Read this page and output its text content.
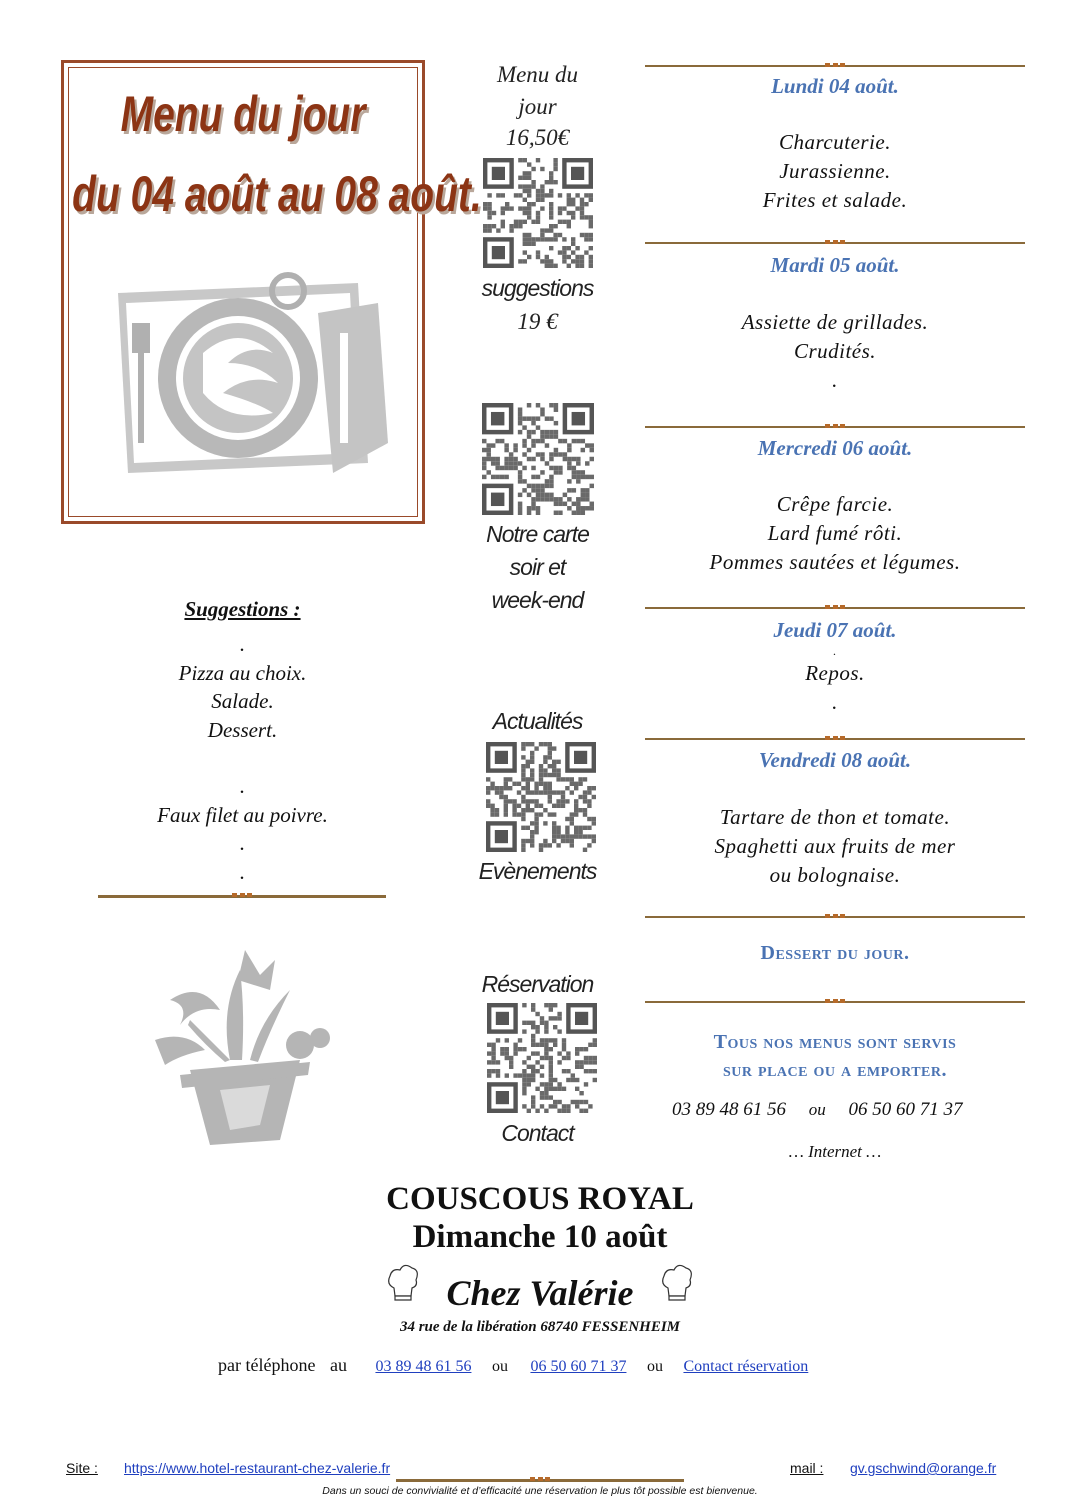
Menu du jour
du 04 août au 08 août.
Suggestions :
.
Pizza au choix.
Salade.
Dessert.
.
Faux filet au poivre.
.
.
Menu du
jour
16,50€
suggestions
19 €
Notre carte
soir et
week-end
Actualités
Evènements
Réservation
Contact
Lundi 04 août.
Charcuterie.
Jurassienne.
Frites et salade.
Mardi 05 août.
Assiette de grillades.
Crudités.
.
Mercredi 06 août.
Crêpe farcie.
Lard fumé rôti.
Pommes sautées et légumes.
Jeudi 07 août.
.
Repos.
.
Vendredi 08 août.
Tartare de thon et tomate.
Spaghetti aux fruits de mer
ou bolognaise.
Dessert du jour.
Tous nos menus sont servis
sur place ou a emporter.
03 89 48 61 56 ou 06 50 60 71 37
… Internet …
COUSCOUS ROYAL
Dimanche 10 août
Chez Valérie
34 rue de la libération 68740 FESSENHEIM
par téléphone au 03 89 48 61 56 ou 06 50 60 71 37 ou Contact réservation
Site : https://www.hotel-restaurant-chez-valerie.fr	mail : gv.gschwind@orange.fr
Dans un souci de convivialité et d’efficacité une réservation le plus tôt possible est bienvenue.
